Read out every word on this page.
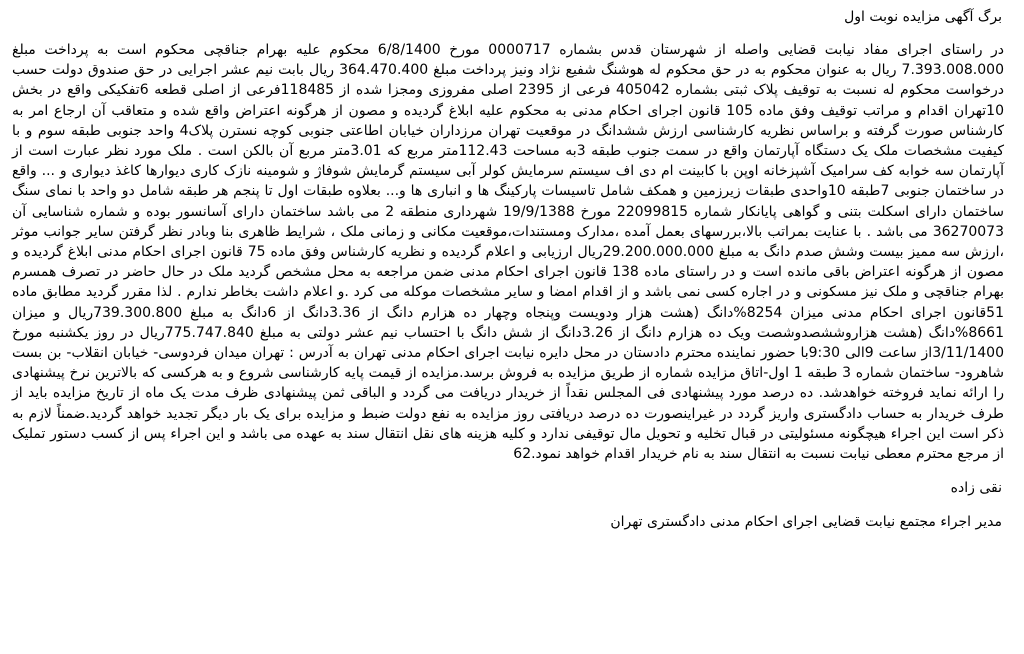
برگ آگهی مزایده نوبت اول

در راستای اجرای مفاد نیابت قضایی واصله از شهرستان قدس بشماره 0000717 مورخ 6/8/1400 محکوم علیه بهرام جناقچی محکوم است به پرداخت مبلغ 7.393.008.000 ریال به عنوان محکوم به در حق محکوم له هوشنگ شفیع نژاد ونیز پرداخت مبلغ 364.470.400 ریال بابت نیم عشر اجرایی در حق صندوق دولت حسب درخواست محکوم له نسبت به توقیف پلاک ثبتی بشماره 405042 فرعی از 2395 اصلی مفروزی ومجزا شده از 118485فرعی از اصلی قطعه 6تفکیکی واقع در بخش 10تهران اقدام و مراتب توقیف وفق ماده 105 قانون اجرای احکام مدنی به محکوم علیه ابلاغ گردیده و مصون از هرگونه اعتراض واقع شده و متعاقب آن ارجاع امر به کارشناس صورت گرفته و براساس نظریه کارشناسی ارزش ششدانگ در موقعیت تهران مرزداران خیابان اطاعتی جنوبی کوچه نسترن پلاک4 واحد جنوبی طبقه سوم و با کیفیت مشخصات ملک یک دستگاه آپارتمان واقع در سمت جنوب طبقه 3به مساحت 112.43متر مربع که 3.01متر مربع آن بالکن است . ملک مورد نظر عبارت است از آپارتمان سه خوابه کف سرامیک آشپزخانه اوپن با کابینت ام دی اف سیستم سرمایش کولر آبی سیستم گرمایش شوفاژ و شومینه نازک کاری دیوارها کاغذ دیواری و ... واقع در ساختمان جنوبی 7طبقه 10واحدی طبقات زیرزمین و همکف شامل تاسیسات پارکینگ ها و انباری ها و... بعلاوه طبقات اول تا پنجم هر طبقه شامل دو واحد با نمای سنگ ساختمان دارای اسکلت بتنی و گواهی پایانکار شماره 22099815 مورخ 19/9/1388 شهرداری منطقه 2 می باشد ساختمان دارای آسانسور بوده و شماره شناسایی آن 36270073 می باشد . با عنایت بمراتب بالا،بررسهای بعمل آمده ،مدارک ومستندات،موقعیت مکانی و زمانی ملک ، شرایط ظاهری بنا وبادر نظر گرفتن سایر جوانب موثر ،ارزش سه ممیز بیست وشش صدم دانگ به مبلغ 29.200.000.000ریال ارزیابی و اعلام گردیده و نظریه کارشناس وفق ماده 75 قانون اجرای احکام مدنی ابلاغ گردیده و مصون از هرگونه اعتراض باقی مانده است و در راستای ماده 138 قانون اجرای احکام مدنی ضمن مراجعه به محل مشخص گردید ملک در حال حاضر در تصرف همسرم بهرام جناقچی و ملک نیز مسکونی و در اجاره کسی نمی باشد و از اقدام امضا و سایر مشخصات موکله می کرد .و اعلام داشت بخاطر ندارم . لذا مقرر گردید مطابق ماده 51قانون اجرای احکام مدنی میزان 8254%دانگ (هشت هزار ودویست وپنجاه وچهار ده هزارم دانگ از 3.36دانگ از 6دانگ به مبلغ 739.300.800ریال و میزان 8661%دانگ (هشت هزاروششصدوشصت ویک ده هزارم دانگ از 3.26دانگ از شش دانگ با احتساب نیم عشر دولتی به مبلغ 775.747.840ریال در روز یکشنبه مورخ 3/11/1400از ساعت 9الی 9:30با حضور نماینده محترم دادستان در محل دایره نیابت اجرای احکام مدنی تهران به آدرس : تهران میدان فردوسی- خیابان انقلاب- بن بست شاهرود- ساختمان شماره 3 طبقه 1 اول-اتاق مزایده شماره از طریق مزایده به فروش برسد.مزایده از قیمت پایه کارشناسی شروع و به هرکسی که بالاترین نرخ پیشنهادی را ارائه نماید فروخته خواهدشد. ده درصد مورد پیشنهادی فی المجلس نقداً از خریدار دریافت می گردد و الباقی ثمن پیشنهادی ظرف مدت یک ماه از تاریخ مزایده باید از طرف خریدار به حساب دادگستری واریز گردد در غیراینصورت ده درصد دریافتی روز مزایده به نفع دولت ضبط و مزایده برای یک بار دیگر تجدید خواهد گردید.ضمناً لازم به ذکر است این اجراء هیچگونه مسئولیتی در قبال تخلیه و تحویل مال توقیفی ندارد و کلیه هزینه های نقل انتقال سند به عهده می باشد و این اجراء پس از کسب دستور تملیک از مرجع محترم معطی نیابت نسبت به انتقال سند به نام خریدار اقدام خواهد نمود.62

نقی زاده
مدیر اجراء مجتمع نیابت قضایی اجرای احکام مدنی دادگستری تهران
